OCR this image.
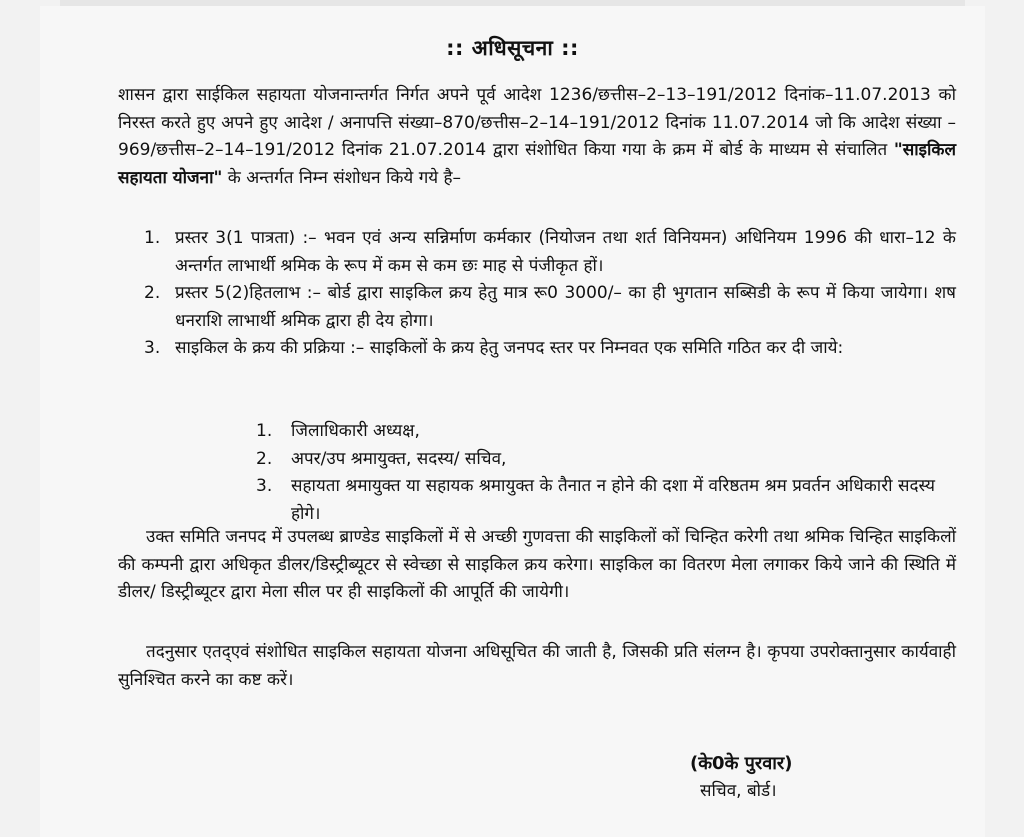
:: अधिसूचना ::

शासन द्वारा साईकिल सहायता योजनान्तर्गत निर्गत अपने पूर्व आदेश 1236/छत्तीस–2–13–191/2012 दिनांक–11.07.2013 को निरस्त करते हुए अपने हुए आदेश / अनापत्ति संख्या–870/छत्तीस–2–14–191/2012 दिनांक 11.07.2014 जो कि आदेश संख्या –969/छत्तीस–2–14–191/2012 दिनांक 21.07.2014 द्वारा संशोधित किया गया के क्रम में बोर्ड के माध्यम से संचालित "साइकिल सहायता योजना" के अन्तर्गत निम्न संशोधन किये गये है–

1. प्रस्तर 3(1 पात्रता) :– भवन एवं अन्य सन्निर्माण कर्मकार (नियोजन तथा शर्त विनियमन) अधिनियम 1996 की धारा–12 के अन्तर्गत लाभार्थी श्रमिक के रूप में कम से कम छः माह से पंजीकृत हों।
2. प्रस्तर 5(2)हितलाभ :– बोर्ड द्वारा साइकिल क्रय हेतु मात्र रू0 3000/– का ही भुगतान सब्सिडी के रूप में किया जायेगा। शष धनराशि लाभार्थी श्रमिक द्वारा ही देय होगा।
3. साइकिल के क्रय की प्रक्रिया :– साइकिलों के क्रय हेतु जनपद स्तर पर निम्नवत एक समिति गठित कर दी जाये:
1. जिलाधिकारी अध्यक्ष,
2. अपर/उप श्रमायुक्त, सदस्य/ सचिव,
3. सहायता श्रमायुक्त या सहायक श्रमायुक्त के तैनात न होने की दशा में वरिष्ठतम श्रम प्रवर्तन अधिकारी सदस्य होगे।

उक्त समिति जनपद में उपलब्ध ब्राण्डेड साइकिलों में से अच्छी गुणवत्ता की साइकिलों कों चिन्हित करेगी तथा श्रमिक चिन्हित साइकिलों की कम्पनी द्वारा अधिकृत डीलर/डिस्ट्रीब्यूटर से स्वेच्छा से साइकिल क्रय करेगा। साइकिल का वितरण मेला लगाकर किये जाने की स्थिति में डीलर/ डिस्ट्रीब्यूटर द्वारा मेला सील पर ही साइकिलों की आपूर्ति की जायेगी।

तदनुसार एतद्एवं संशोधित साइकिल सहायता योजना अधिसूचित की जाती है, जिसकी प्रति संलग्न है। कृपया उपरोक्तानुसार कार्यवाही सुनिश्चित करने का कष्ट करें।

(के0के पुरवार)
सचिव, बोर्ड।
